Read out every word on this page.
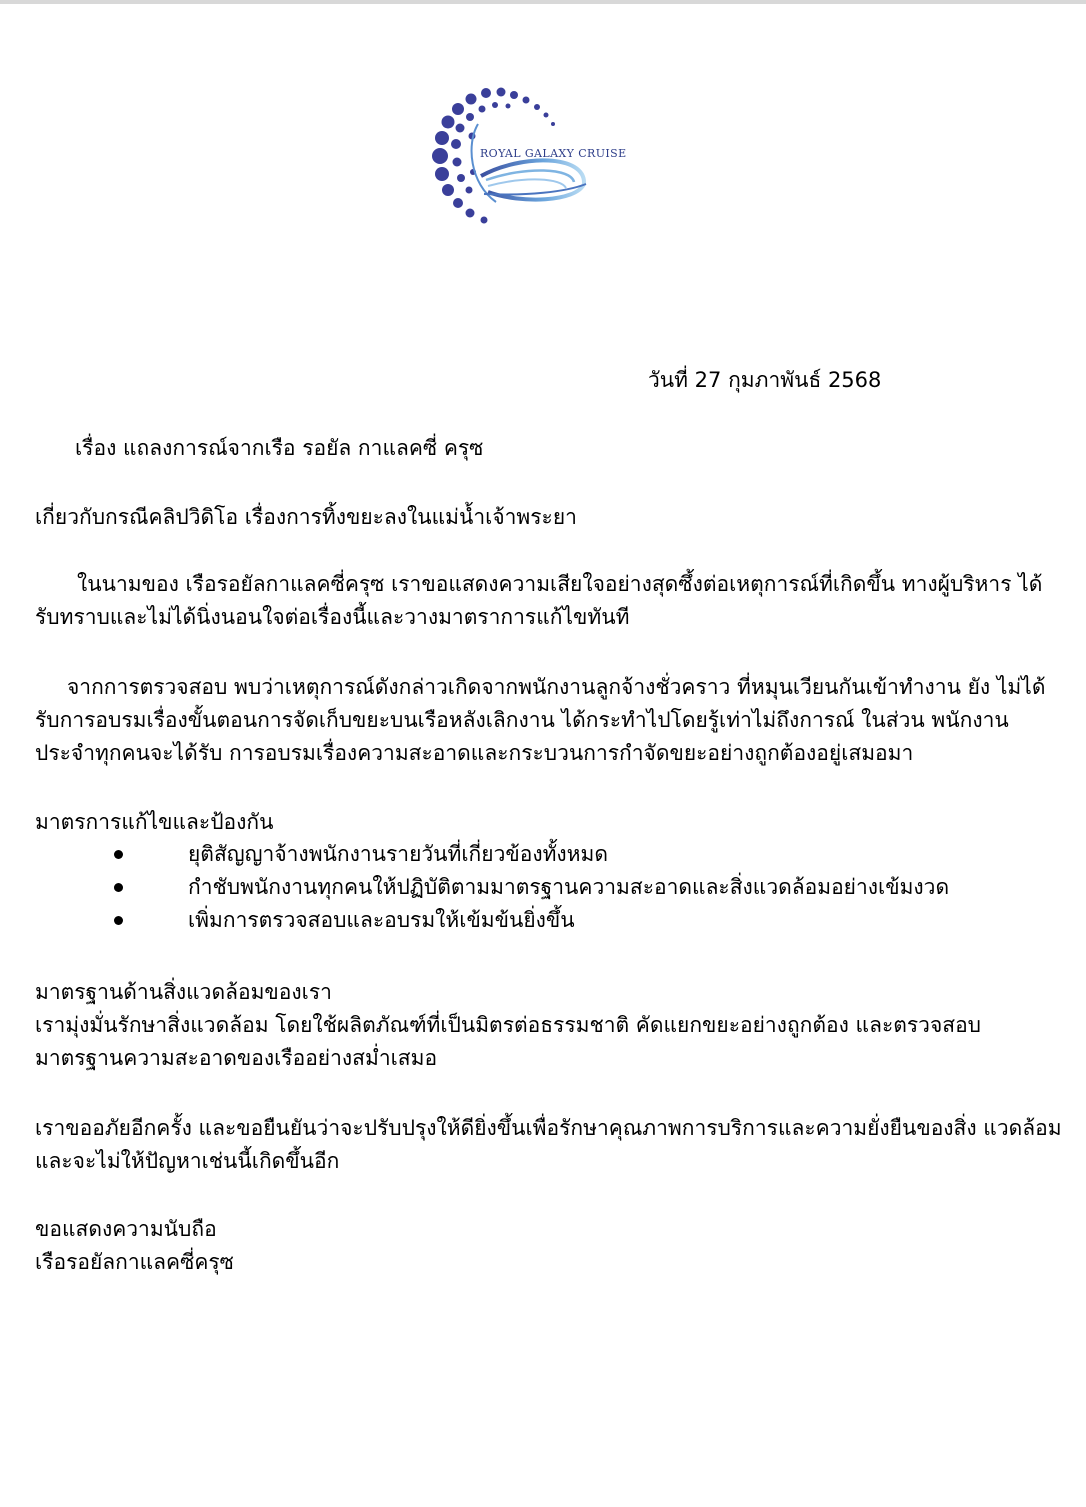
ROYAL GALAXY CRUISE
วันที่ 27 กุมภาพันธ์ 2568
เรื่อง แถลงการณ์จากเรือ รอยัล กาแลคซี่ ครุซ
เกี่ยวกับกรณีคลิปวิดิโอ เรื่องการทิ้งขยะลงในแม่น้ำเจ้าพระยา
ในนามของ เรือรอยัลกาแลคซี่ครุซ เราขอแสดงความเสียใจอย่างสุดซึ้งต่อเหตุการณ์ที่เกิดขึ้น ทางผู้บริหาร ได้รับทราบและไม่ได้นิ่งนอนใจต่อเรื่องนี้และวางมาตราการแก้ไขทันที
จากการตรวจสอบ พบว่าเหตุการณ์ดังกล่าวเกิดจากพนักงานลูกจ้างชั่วคราว ที่หมุนเวียนกันเข้าทำงาน ยัง ไม่ได้รับการอบรมเรื่องขั้นตอนการจัดเก็บขยะบนเรือหลังเลิกงาน ได้กระทำไปโดยรู้เท่าไม่ถึงการณ์ ในส่วน พนักงานประจำทุกคนจะได้รับ การอบรมเรื่องความสะอาดและกระบวนการกำจัดขยะอย่างถูกต้องอยู่เสมอมา
มาตรการแก้ไขและป้องกัน
ยุติสัญญาจ้างพนักงานรายวันที่เกี่ยวข้องทั้งหมด
กำชับพนักงานทุกคนให้ปฏิบัติตามมาตรฐานความสะอาดและสิ่งแวดล้อมอย่างเข้มงวด
เพิ่มการตรวจสอบและอบรมให้เข้มข้นยิ่งขึ้น
มาตรฐานด้านสิ่งแวดล้อมของเรา
เรามุ่งมั่นรักษาสิ่งแวดล้อม โดยใช้ผลิตภัณฑ์ที่เป็นมิตรต่อธรรมชาติ คัดแยกขยะอย่างถูกต้อง และตรวจสอบ มาตรฐานความสะอาดของเรืออย่างสม่ำเสมอ
เราขออภัยอีกครั้ง และขอยืนยันว่าจะปรับปรุงให้ดียิ่งขึ้นเพื่อรักษาคุณภาพการบริการและความยั่งยืนของสิ่ง แวดล้อม และจะไม่ให้ปัญหาเช่นนี้เกิดขึ้นอีก
ขอแสดงความนับถือ
เรือรอยัลกาแลคซี่ครุซ
